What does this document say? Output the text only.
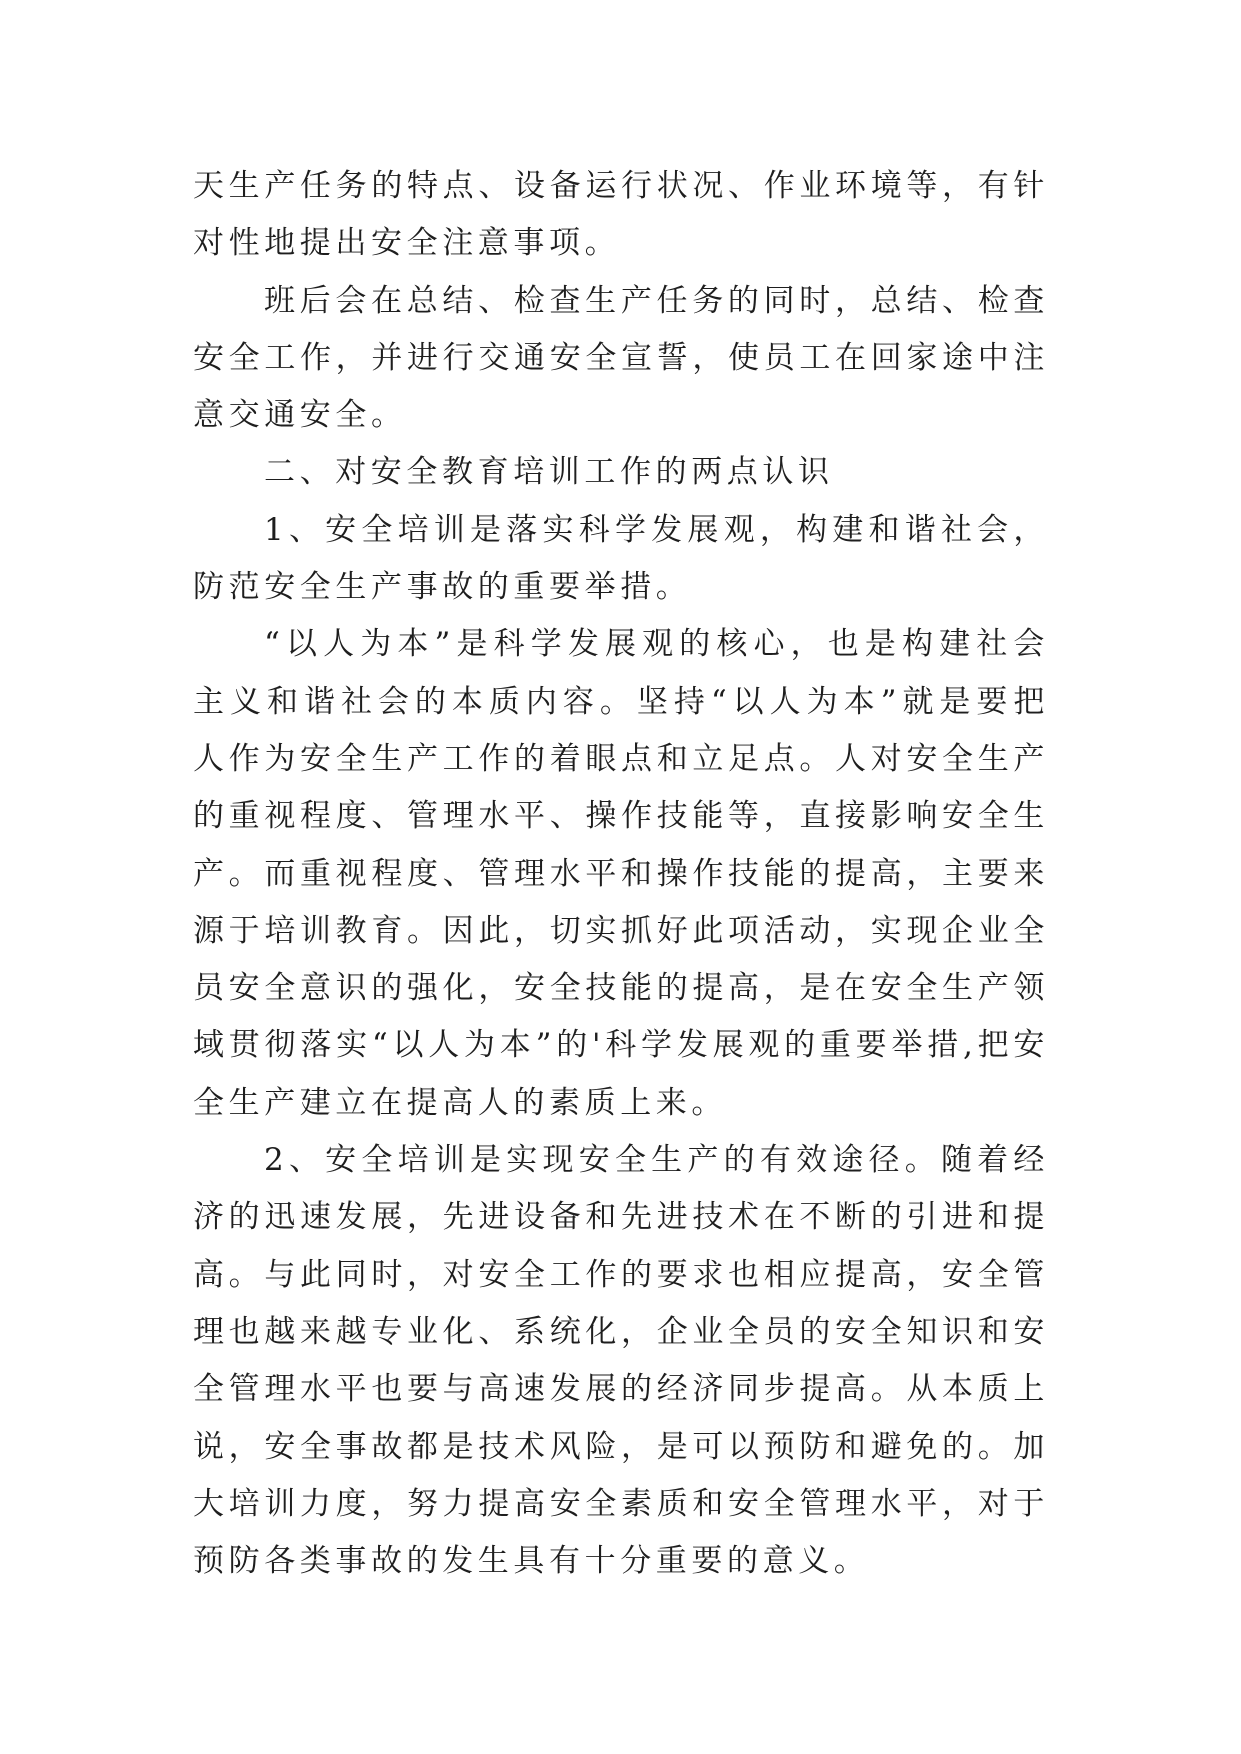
天生产任务的特点、设备运行状况、作业环境等，有针对性地提出安全注意事项。

班后会在总结、检查生产任务的同时，总结、检查安全工作，并进行交通安全宣誓，使员工在回家途中注意交通安全。

二、对安全教育培训工作的两点认识

1、安全培训是落实科学发展观，构建和谐社会，防范安全生产事故的重要举措。

“以人为本”是科学发展观的核心，也是构建社会主义和谐社会的本质内容。坚持“以人为本”就是要把人作为安全生产工作的着眼点和立足点。人对安全生产的重视程度、管理水平、操作技能等，直接影响安全生产。而重视程度、管理水平和操作技能的提高，主要来源于培训教育。因此，切实抓好此项活动，实现企业全员安全意识的强化，安全技能的提高，是在安全生产领域贯彻落实“以人为本”的'科学发展观的重要举措,把安全生产建立在提高人的素质上来。

2、安全培训是实现安全生产的有效途径。随着经济的迅速发展，先进设备和先进技术在不断的引进和提高。与此同时，对安全工作的要求也相应提高，安全管理也越来越专业化、系统化，企业全员的安全知识和安全管理水平也要与高速发展的经济同步提高。从本质上说，安全事故都是技术风险，是可以预防和避免的。加大培训力度，努力提高安全素质和安全管理水平，对于预防各类事故的发生具有十分重要的意义。
